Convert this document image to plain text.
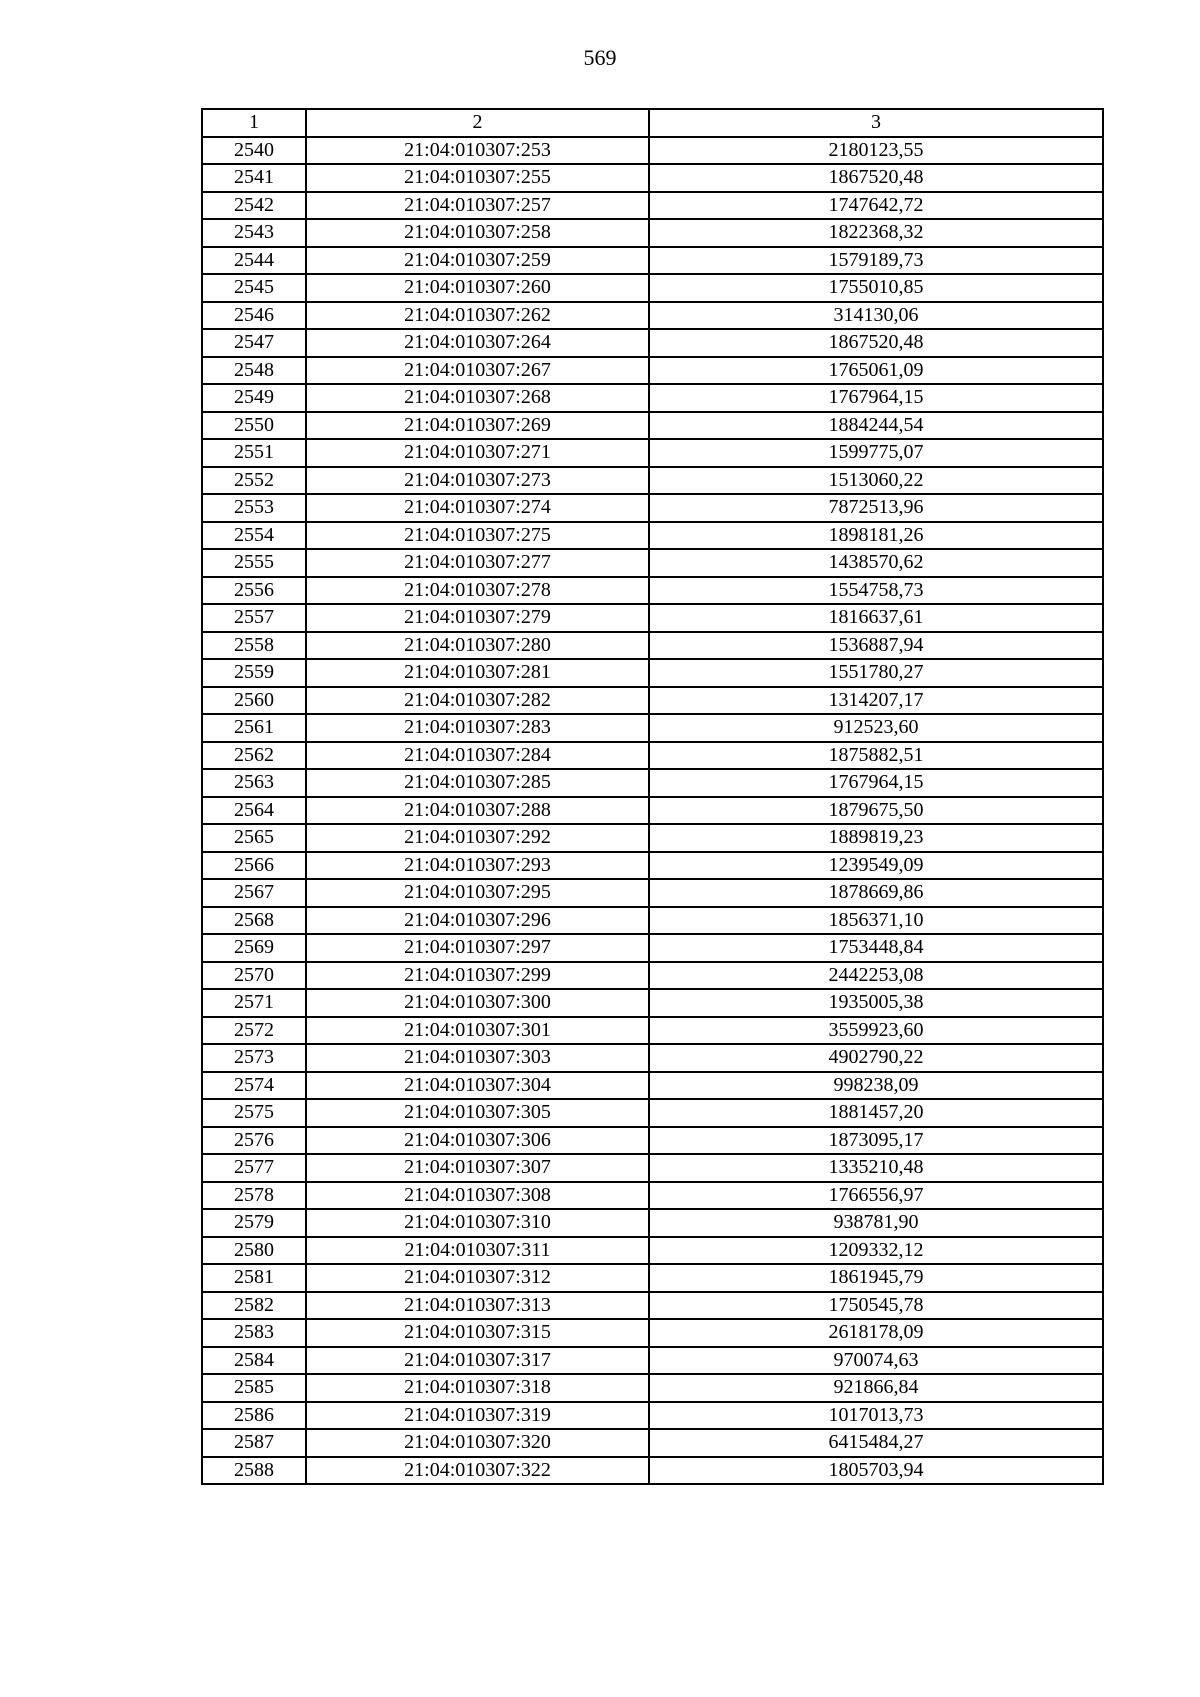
569
1	2	3
2540	21:04:010307:253	2180123,55
2541	21:04:010307:255	1867520,48
2542	21:04:010307:257	1747642,72
2543	21:04:010307:258	1822368,32
2544	21:04:010307:259	1579189,73
2545	21:04:010307:260	1755010,85
2546	21:04:010307:262	314130,06
2547	21:04:010307:264	1867520,48
2548	21:04:010307:267	1765061,09
2549	21:04:010307:268	1767964,15
2550	21:04:010307:269	1884244,54
2551	21:04:010307:271	1599775,07
2552	21:04:010307:273	1513060,22
2553	21:04:010307:274	7872513,96
2554	21:04:010307:275	1898181,26
2555	21:04:010307:277	1438570,62
2556	21:04:010307:278	1554758,73
2557	21:04:010307:279	1816637,61
2558	21:04:010307:280	1536887,94
2559	21:04:010307:281	1551780,27
2560	21:04:010307:282	1314207,17
2561	21:04:010307:283	912523,60
2562	21:04:010307:284	1875882,51
2563	21:04:010307:285	1767964,15
2564	21:04:010307:288	1879675,50
2565	21:04:010307:292	1889819,23
2566	21:04:010307:293	1239549,09
2567	21:04:010307:295	1878669,86
2568	21:04:010307:296	1856371,10
2569	21:04:010307:297	1753448,84
2570	21:04:010307:299	2442253,08
2571	21:04:010307:300	1935005,38
2572	21:04:010307:301	3559923,60
2573	21:04:010307:303	4902790,22
2574	21:04:010307:304	998238,09
2575	21:04:010307:305	1881457,20
2576	21:04:010307:306	1873095,17
2577	21:04:010307:307	1335210,48
2578	21:04:010307:308	1766556,97
2579	21:04:010307:310	938781,90
2580	21:04:010307:311	1209332,12
2581	21:04:010307:312	1861945,79
2582	21:04:010307:313	1750545,78
2583	21:04:010307:315	2618178,09
2584	21:04:010307:317	970074,63
2585	21:04:010307:318	921866,84
2586	21:04:010307:319	1017013,73
2587	21:04:010307:320	6415484,27
2588	21:04:010307:322	1805703,94
